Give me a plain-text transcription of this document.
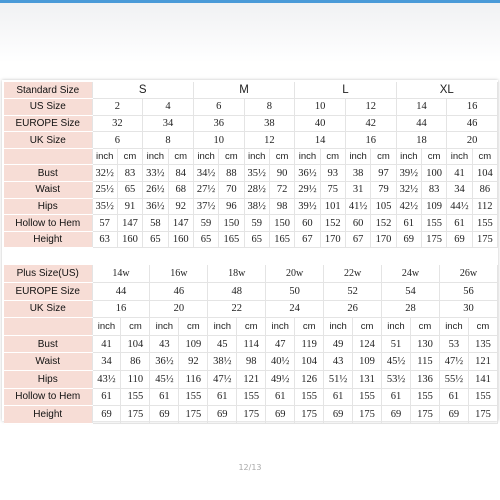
Standard Size	S				M				L				XL			
US Size	2		4		6		8		10		12		14		16	
EUROPE Size	32		34		36		38		40		42		44		46	
UK Size	6		8		10		12		14		16		18		20	
	inch	cm	inch	cm	inch	cm	inch	cm	inch	cm	inch	cm	inch	cm	inch	cm
Bust	32½	83	33½	84	34½	88	35½	90	36½	93	38	97	39½	100	41	104
Waist	25½	65	26½	68	27½	70	28½	72	29½	75	31	79	32½	83	34	86
Hips	35½	91	36½	92	37½	96	38½	98	39½	101	41½	105	42½	109	44½	112
Hollow to Hem	57	147	58	147	59	150	59	150	60	152	60	152	61	155	61	155
Height	63	160	65	160	65	165	65	165	67	170	67	170	69	175	69	175
Plus Size(US)	14w		16w		18w		20w		22w		24w		26w	
EUROPE Size	44		46		48		50		52		54		56	
UK Size	16		20		22		24		26		28		30	
	inch	cm	inch	cm	inch	cm	inch	cm	inch	cm	inch	cm	inch	cm
Bust	41	104	43	109	45	114	47	119	49	124	51	130	53	135
Waist	34	86	36½	92	38½	98	40½	104	43	109	45½	115	47½	121
Hips	43½	110	45½	116	47½	121	49½	126	51½	131	53½	136	55½	141
Hollow to Hem	61	155	61	155	61	155	61	155	61	155	61	155	61	155
Height	69	175	69	175	69	175	69	175	69	175	69	175	69	175
12/13
